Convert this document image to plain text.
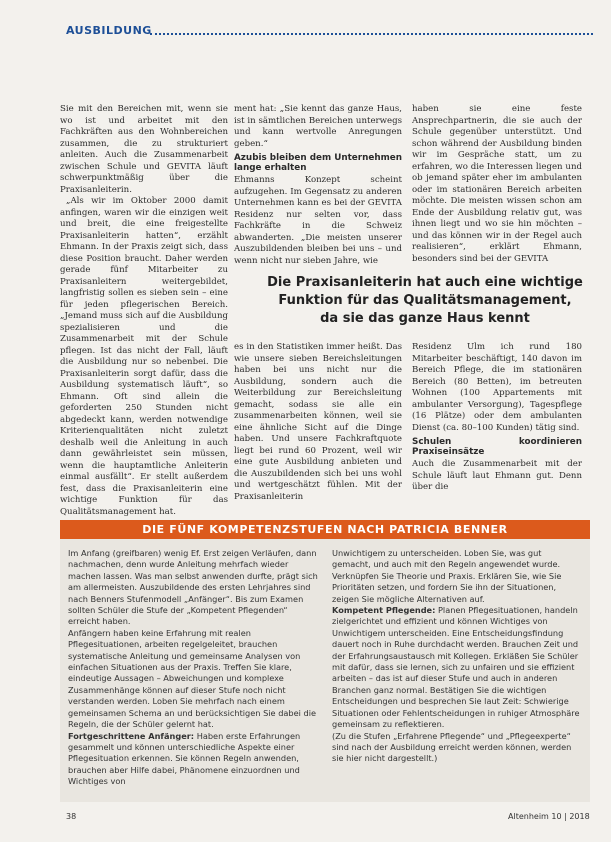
AUSBILDUNG

Sie mit den Bereichen mit, wenn sie wo ist und arbeitet mit den Fachkräften aus den Wohnbereichen zusammen, die zu strukturiert anleiten. Auch die Zusammenarbeit zwischen Schule und GEVITA läuft schwerpunktmäßig über die Praxisanleiterin.

„Als wir im Oktober 2000 damit anfingen, waren wir die einzigen weit und breit, die eine freigestellte Praxisanleiterin hatten“, erzählt Ehmann. In der Praxis zeigt sich, dass diese Position braucht. Daher werden gerade fünf Mitarbeiter zu Praxisanleitern weitergebildet, langfristig sollen es sieben sein – eine für jeden pflegerischen Bereich. „Jemand muss sich auf die Ausbildung spezialisieren und die Zusammenarbeit mit der Schule pflegen. Ist das nicht der Fall, läuft die Ausbildung nur so nebenbei. Die Praxisanleiterin sorgt dafür, dass die Ausbildung systematisch läuft“, so Ehmann. Oft sind allein die geforderten 250 Stunden nicht abgedeckt kann, werden notwendige Kriterienqualitäten nicht zuletzt deshalb weil die Anleitung in auch dann gewährleistet sein müssen, wenn die hauptamtliche Anleiterin einmal ausfällt“. Er stellt außerdem fest, dass die Praxisanleiterin eine wichtige Funktion für das Qualitätsmanagement hat.

ment hat: „Sie kennt das ganze Haus, ist in sämtlichen Bereichen unterwegs und kann wertvolle Anregungen geben.“

Azubis bleiben dem Unternehmen lange erhalten

Ehmanns Konzept scheint aufzugehen. Im Gegensatz zu anderen Unternehmen kann es bei der GEVITA Residenz nur selten vor, dass Fachkräfte in die Schweiz abwanderten. „Die meisten unserer Auszubildenden bleiben bei uns – und wenn nicht nur sieben Jahre, wie

haben sie eine feste Ansprechpartnerin, die sie auch der Schule gegenüber unterstützt. Und schon während der Ausbildung binden wir im Gespräche statt, um zu erfahren, wo die Interessen liegen und ob jemand später eher im ambulanten oder im stationären Bereich arbeiten möchte. Die meisten wissen schon am Ende der Ausbildung relativ gut, was ihnen liegt und wo sie hin möchten – und das können wir in der Regel auch realisieren“, erklärt Ehmann, besonders sind bei der GEVITA

Die Praxisanleiterin hat auch eine wichtige
Funktion für das Qualitätsmanagement,
da sie das ganze Haus kennt

es in den Statistiken immer heißt. Das wie unsere sieben Bereichsleitungen haben bei uns nicht nur die Ausbildung, sondern auch die Weiterbildung zur Bereichsleitung gemacht, sodass sie alle ein zusammenarbeiten können, weil sie eine ähnliche Sicht auf die Dinge haben. Und unsere Fachkraftquote liegt bei rund 60 Prozent, weil wir eine gute Ausbildung anbieten und die Auszubildenden sich bei uns wohl und wertgeschätzt fühlen. Mit der Praxisanleiterin

Residenz Ulm ich rund 180 Mitarbeiter beschäftigt, 140 davon im Bereich Pflege, die im stationären Bereich (80 Betten), im betreuten Wohnen (100 Appartements mit ambulanter Versorgung), Tagespflege (16 Plätze) oder dem ambulanten Dienst (ca. 80–100 Kunden) tätig sind.

Schulen koordinieren Praxiseinsätze

Auch die Zusammenarbeit mit der Schule läuft laut Ehmann gut. Denn über die

DIE FÜNF KOMPETENZSTUFEN NACH PATRICIA BENNER

Im Anfang (greifbaren) wenig Ef. Erst zeigen Verläufen, dann nachmachen, denn wurde Anleitung mehrfach wieder machen lassen. Was man selbst anwenden durfte, prägt sich am allermeisten. Auszubildende des ersten Lehrjahres sind nach Benners Stufenmodell „Anfänger“. Bis zum Examen sollten Schüler die Stufe der „Kompetent Pflegenden“ erreicht haben.

Anfängern haben keine Erfahrung mit realen Pflegesituationen, arbeiten regelgeleitet, brauchen systematische Anleitung und gemeinsame Analysen von einfachen Situationen aus der Praxis. Treffen Sie klare, eindeutige Aussagen – Abweichungen und komplexe Zusammenhänge können auf dieser Stufe noch nicht verstanden werden. Loben Sie mehrfach nach einem gemeinsamen Schema an und berücksichtigen Sie dabei die Regeln, die der Schüler gelernt hat.

Fortgeschrittene Anfänger: Haben erste Erfahrungen gesammelt und können unterschiedliche Aspekte einer Pflegesituation erkennen. Sie können Regeln anwenden, brauchen aber Hilfe dabei, Phänomene einzuordnen und Wichtiges von

Unwichtigem zu unterscheiden. Loben Sie, was gut gemacht, und auch mit den Regeln angewendet wurde. Verknüpfen Sie Theorie und Praxis. Erklären Sie, wie Sie Prioritäten setzen, und fordern Sie ihn der Situationen, zeigen Sie mögliche Alternativen auf.

Kompetent Pflegende: Planen Pflegesituationen, handeln zielgerichtet und effizient und können Wichtiges von Unwichtigem unterscheiden. Eine Entscheidungsfindung dauert noch in Ruhe durchdacht werden. Brauchen Zeit und der Erfahrungsaustausch mit Kollegen. Erkläßen Sie Schüler mit dafür, dass sie lernen, sich zu unfairen und sie effizient arbeiten – das ist auf dieser Stufe und auch in anderen Branchen ganz normal. Bestätigen Sie die wichtigen Entscheidungen und besprechen Sie laut Zeit: Schwierige Situationen oder Fehlentscheidungen in ruhiger Atmosphäre gemeinsam zu reflektieren.

(Zu die Stufen „Erfahrene Pflegende“ und „Pflegeexperte“ sind nach der Ausbildung erreicht werden können, werden sie hier nicht dargestellt.)

38	Altenheim 10 | 2018
